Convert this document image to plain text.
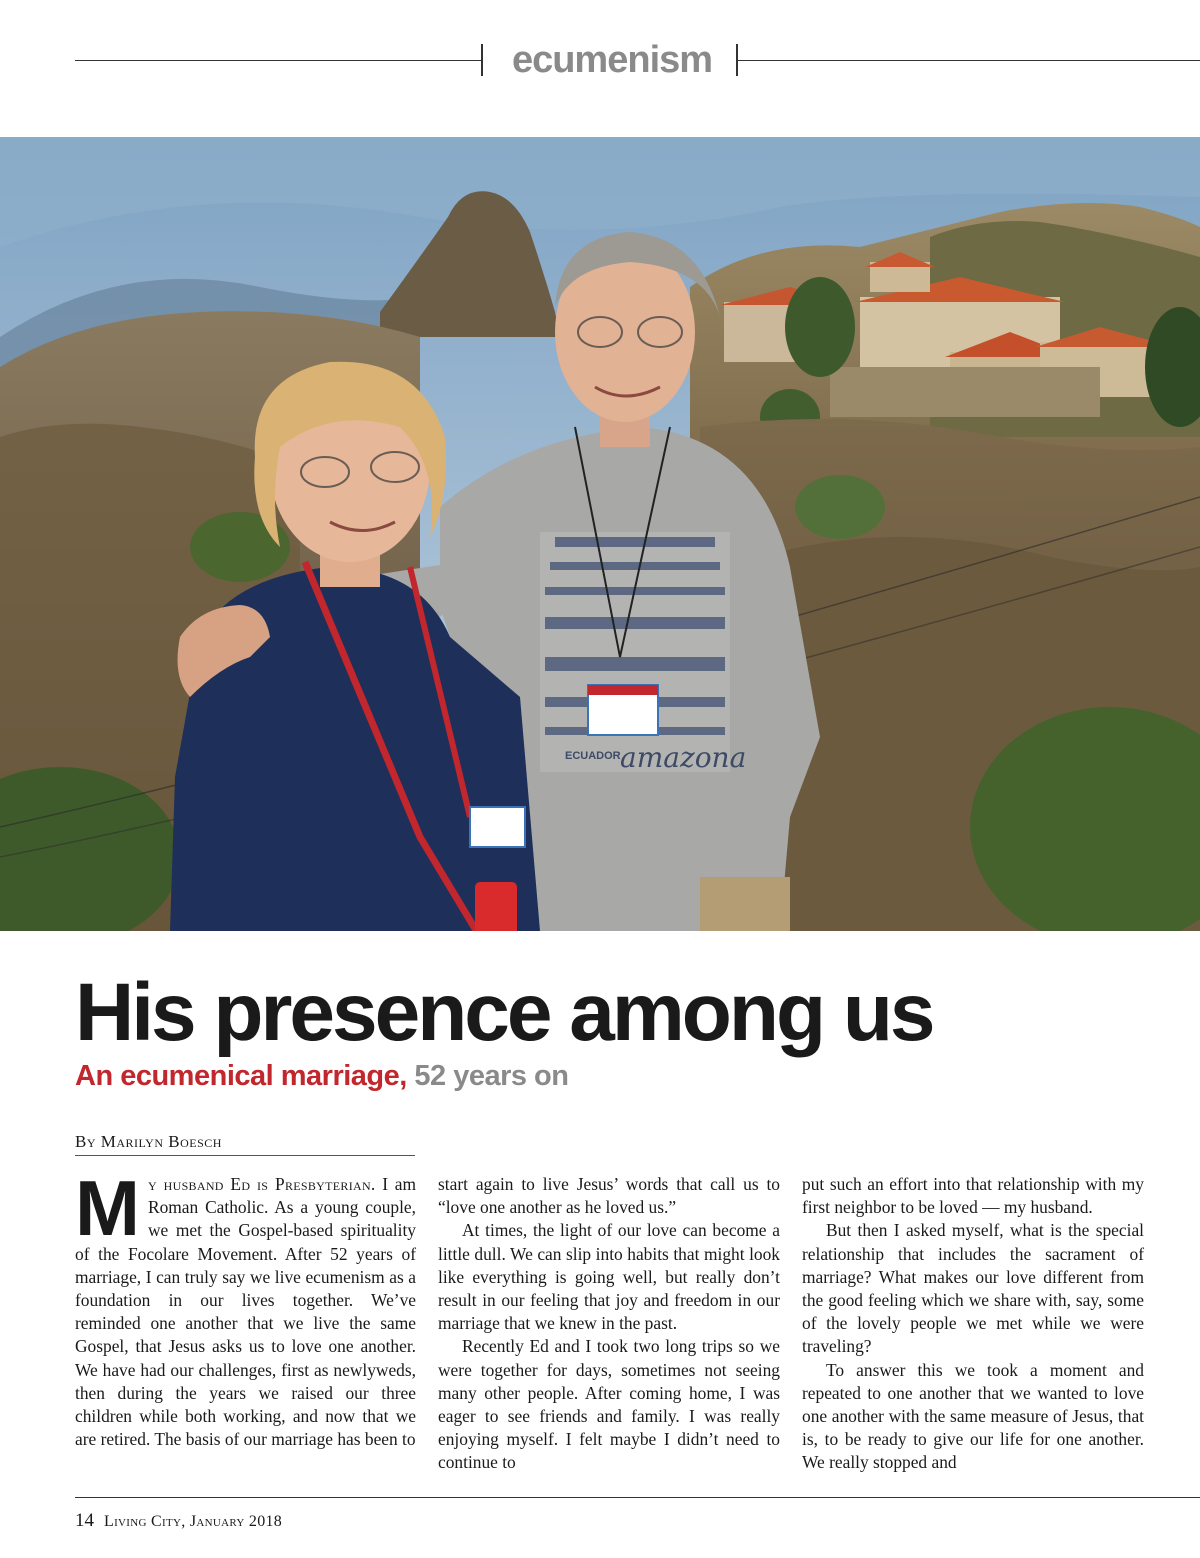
ecumenism
ECUADOR amazona
His presence among us
An ecumenical marriage, 52 years on
By Marilyn Boesch

M y husband Ed is Presbyterian. I am Roman Catholic. As a young couple, we met the Gospel-based spirituality of the Focolare Movement. After 52 years of marriage, I can truly say we live ecumenism as a foundation in our lives together. We’ve reminded one another that we live the same Gospel, that Jesus asks us to love one another. We have had our challenges, first as newlyweds, then during the years we raised our three children while both working, and now that we are retired. The basis of our marriage has been to

start again to live Jesus’ words that call us to “love one another as he loved us.”

At times, the light of our love can become a little dull. We can slip into habits that might look like everything is going well, but really don’t result in our feeling that joy and freedom in our marriage that we knew in the past.

Recently Ed and I took two long trips so we were together for days, sometimes not seeing many other people. After coming home, I was eager to see friends and family. I was really enjoying myself. I felt maybe I didn’t need to continue to

put such an effort into that relationship with my first neighbor to be loved — my husband.

But then I asked myself, what is the special relationship that includes the sacrament of marriage? What makes our love different from the good feeling which we share with, say, some of the lovely people we met while we were traveling?

To answer this we took a moment and repeated to one another that we wanted to love one another with the same measure of Jesus, that is, to be ready to give our life for one another. We really stopped and

14 Living City, January 2018
